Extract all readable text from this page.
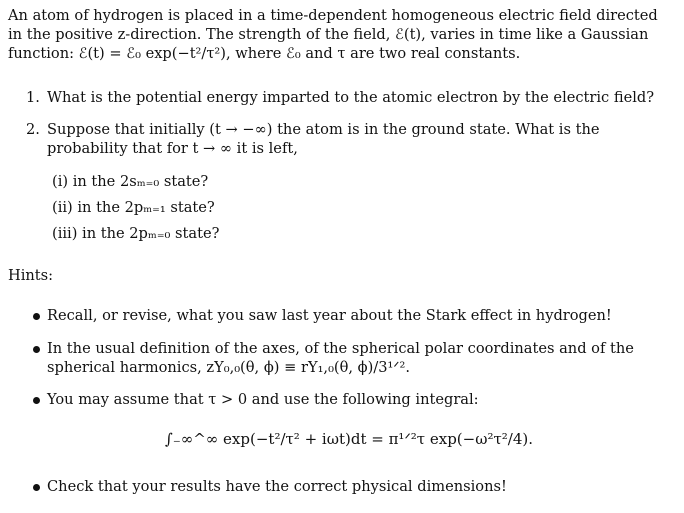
An atom of hydrogen is placed in a time-dependent homogeneous electric field directed
in the positive z-direction. The strength of the field, ℰ(t), varies in time like a Gaussian
function: ℰ(t) = ℰ₀ exp(−t²/τ²), where ℰ₀ and τ are two real constants.
1. What is the potential energy imparted to the atomic electron by the electric field?
2. Suppose that initially (t → −∞) the atom is in the ground state. What is the
probability that for t → ∞ it is left,
(i) in the 2sₘ₌₀ state?
(ii) in the 2pₘ₌₁ state?
(iii) in the 2pₘ₌₀ state?
Hints:
Recall, or revise, what you saw last year about the Stark effect in hydrogen!
In the usual definition of the axes, of the spherical polar coordinates and of the
spherical harmonics, zY₀,₀(θ, ϕ) ≡ rY₁,₀(θ, ϕ)/3¹ᐟ².
You may assume that τ > 0 and use the following integral:
∫₋∞^∞ exp(−t²/τ² + iωt)dt = π¹ᐟ²τ exp(−ω²τ²/4).
Check that your results have the correct physical dimensions!
